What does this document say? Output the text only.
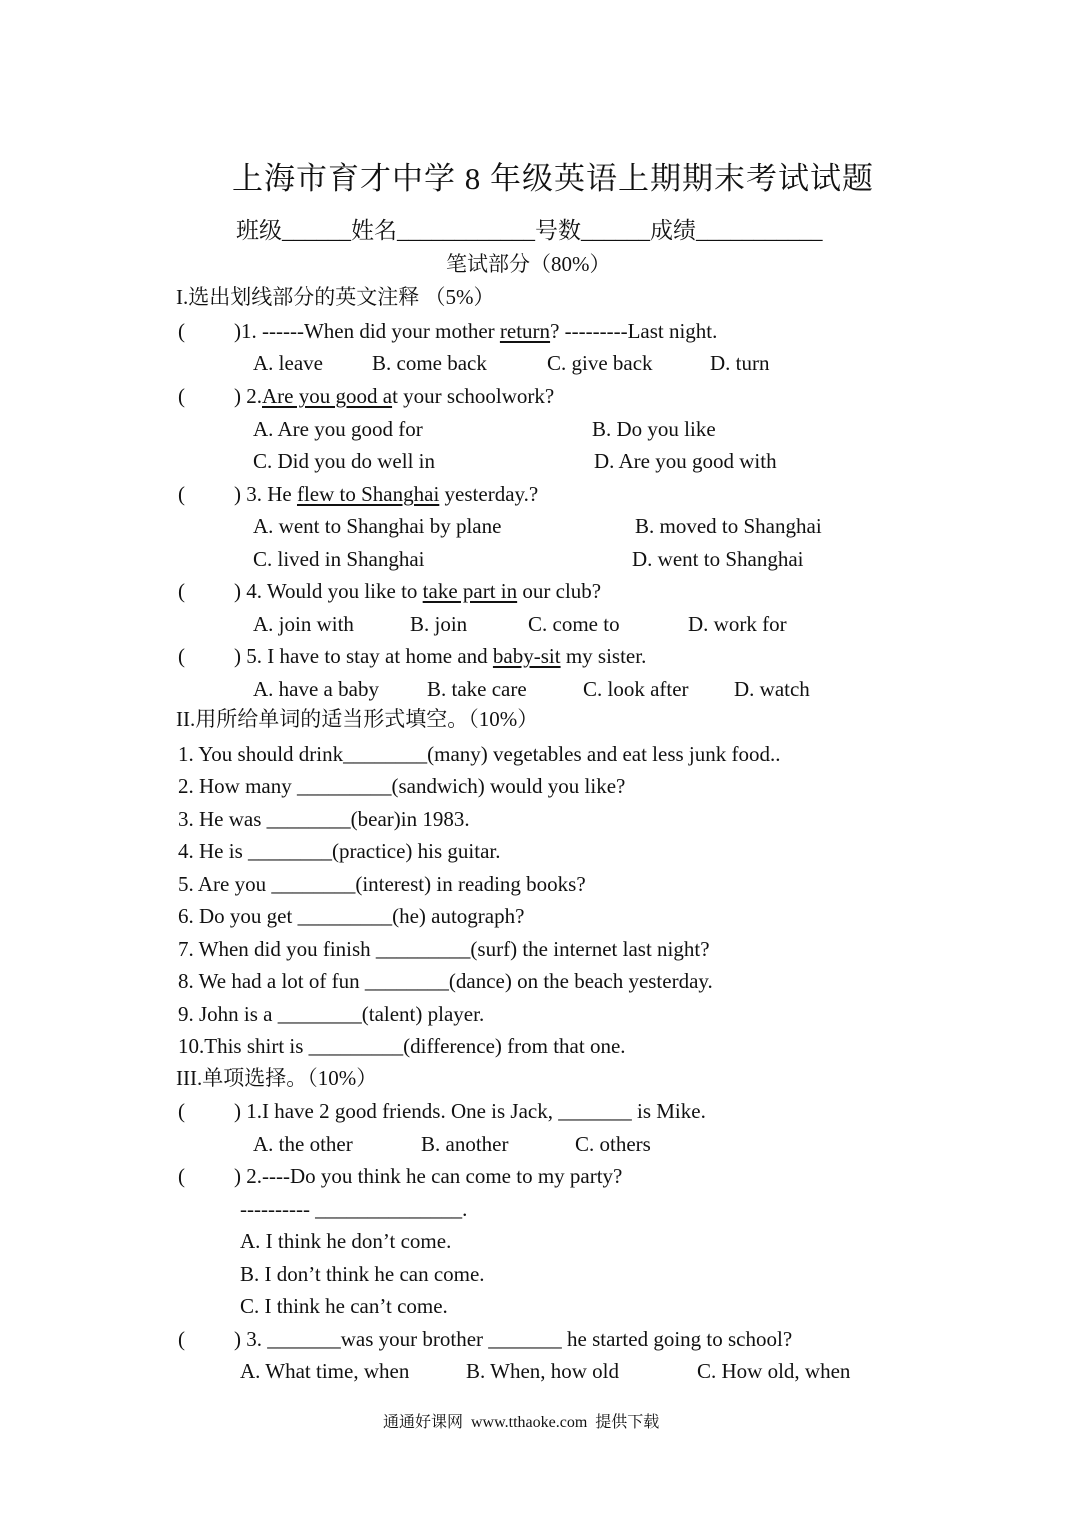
上海市育才中学 8 年级英语上期期末考试试题
班级______姓名____________号数______成绩___________
笔试部分（80%）
I.选出划线部分的英文注释 （5%）
( )1. ------When did your mother return? ---------Last night.
A. leave B. come back	C. give back	D. turn
( ) 2.Are you good at your schoolwork?
A. Are you good for	B. Do you like
C. Did you do well in	D. Are you good with
( ) 3. He flew to Shanghai yesterday.?
A. went to Shanghai by plane	B. moved to Shanghai
C. lived in Shanghai	D. went to Shanghai
( ) 4. Would you like to take part in our club?
A. join with	B. join	C. come to	D. work for
( ) 5. I have to stay at home and baby-sit my sister.
A. have a baby B. take care	C. look after D. watch
II.用所给单词的适当形式填空。（10%）
1. You should drink________(many) vegetables and eat less junk food..
2. How many _________(sandwich) would you like?
3. He was ________(bear)in 1983.
4. He is ________(practice) his guitar.
5. Are you ________(interest) in reading books?
6. Do you get _________(he) autograph?
7. When did you finish _________(surf) the internet last night?
8. We had a lot of fun ________(dance) on the beach yesterday.
9. John is a ________(talent) player.
10.This shirt is _________(difference) from that one.
III.单项选择。（10%）
( ) 1.I have 2 good friends. One is Jack, _______ is Mike.
A. the other	B. another	C. others
( ) 2.----Do you think he can come to my party?
---------- ______________.
A. I think he don’t come.
B. I don’t think he can come.
C. I think he can’t come.
( ) 3. _______was your brother _______ he started going to school?
A. What time, when	B. When, how old	C. How old, when
通通好课网  www.tthaoke.com  提供下载
